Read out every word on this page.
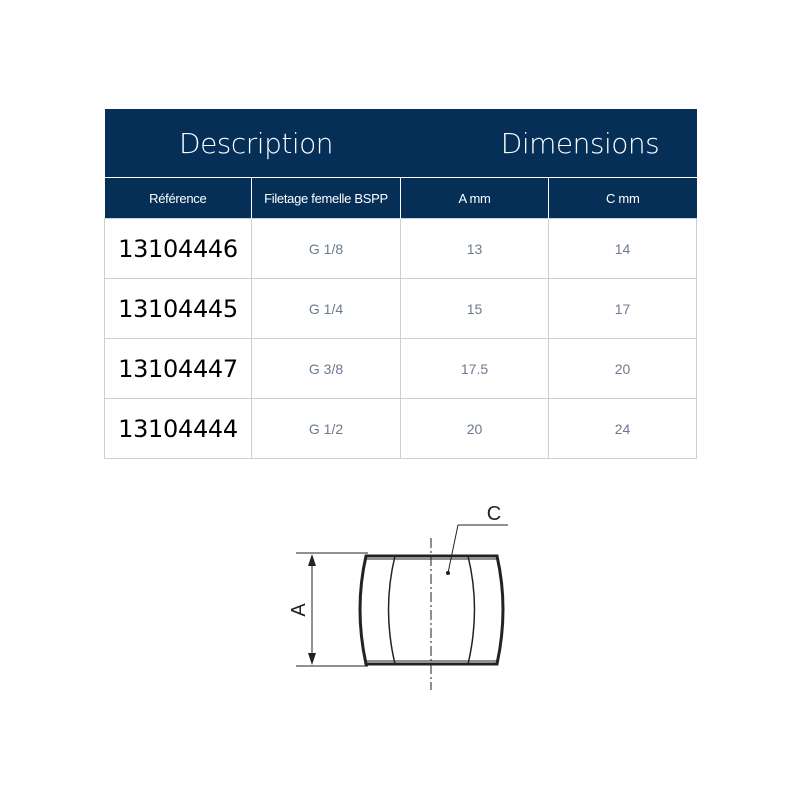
Description		Dimensions	
Référence	Filetage femelle BSPP	A mm	C mm
13104446	G 1/8	13	14
13104445	G 1/4	15	17
13104447	G 3/8	17.5	20
13104444	G 1/2	20	24
A
C
